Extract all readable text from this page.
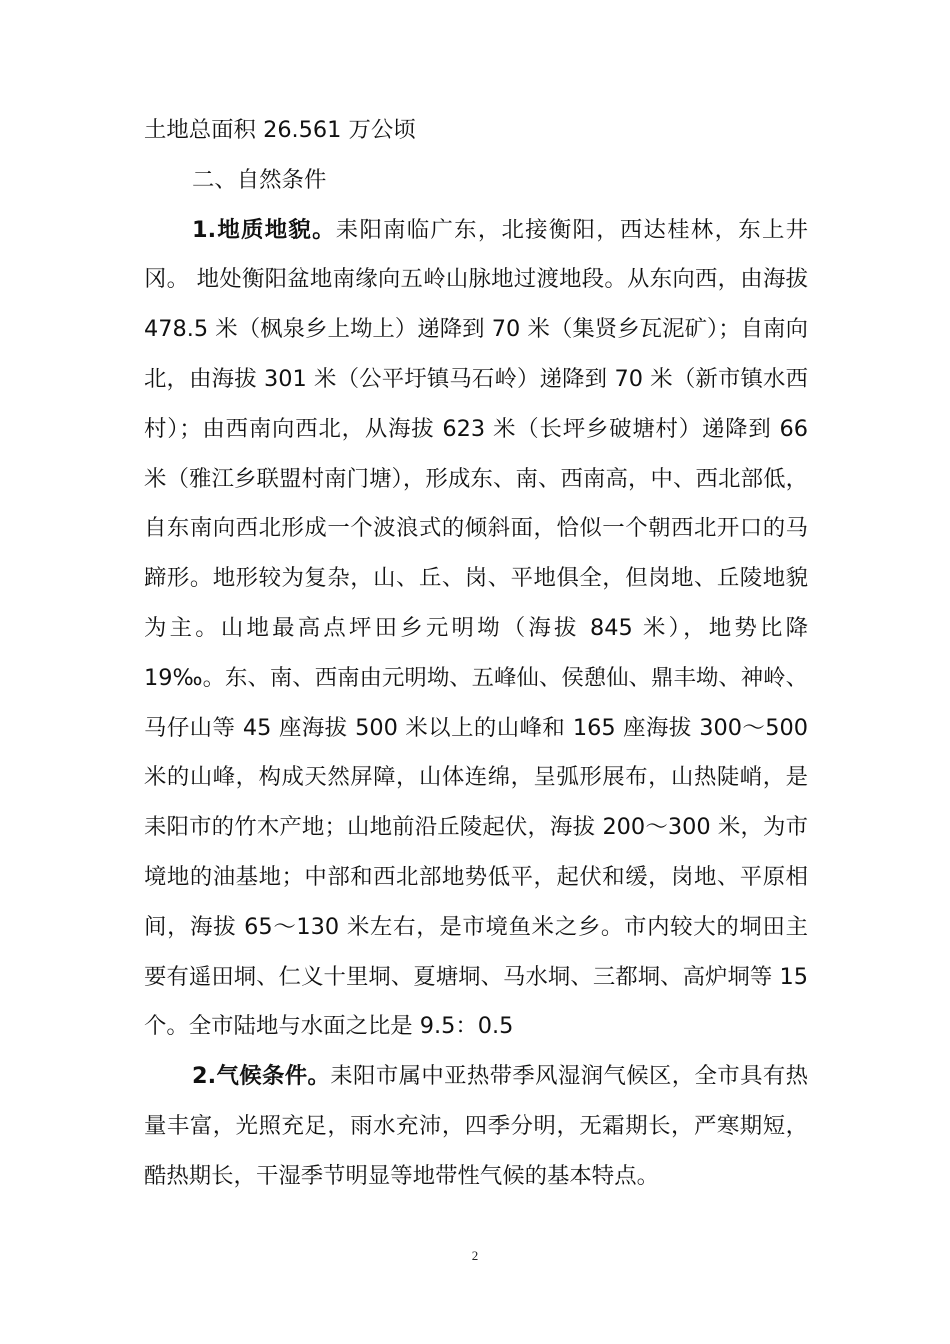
土地总面积 26.561 万公顷

二、自然条件

1.地质地貌。耒阳南临广东，北接衡阳，西达桂林，东上井冈。 地处衡阳盆地南缘向五岭山脉地过渡地段。从东向西，由海拔 478.5 米（枫泉乡上坳上）递降到 70 米（集贤乡瓦泥矿）；自南向北，由海拔 301 米（公平圩镇马石岭）递降到 70 米（新市镇水西村）；由西南向西北，从海拔 623 米（长坪乡破塘村）递降到 66 米（雅江乡联盟村南门塘），形成东、南、西南高，中、西北部低，自东南向西北形成一个波浪式的倾斜面，恰似一个朝西北开口的马蹄形。地形较为复杂，山、丘、岗、平地俱全，但岗地、丘陵地貌为主。山地最高点坪田乡元明坳（海拔 845 米），地势比降 19‰。东、南、西南由元明坳、五峰仙、侯憩仙、鼎丰坳、神岭、马仔山等 45 座海拔 500 米以上的山峰和 165 座海拔 300～500 米的山峰，构成天然屏障，山体连绵，呈弧形展布，山热陡峭，是耒阳市的竹木产地；山地前沿丘陵起伏，海拔 200～300 米，为市境地的油基地；中部和西北部地势低平，起伏和缓，岗地、平原相间，海拔 65～130 米左右，是市境鱼米之乡。市内较大的垌田主要有遥田垌、仁义十里垌、夏塘垌、马水垌、三都垌、高炉垌等 15 个。全市陆地与水面之比是 9.5：0.5

2.气候条件。耒阳市属中亚热带季风湿润气候区，全市具有热量丰富，光照充足，雨水充沛，四季分明，无霜期长，严寒期短，酷热期长，干湿季节明显等地带性气候的基本特点。

2
